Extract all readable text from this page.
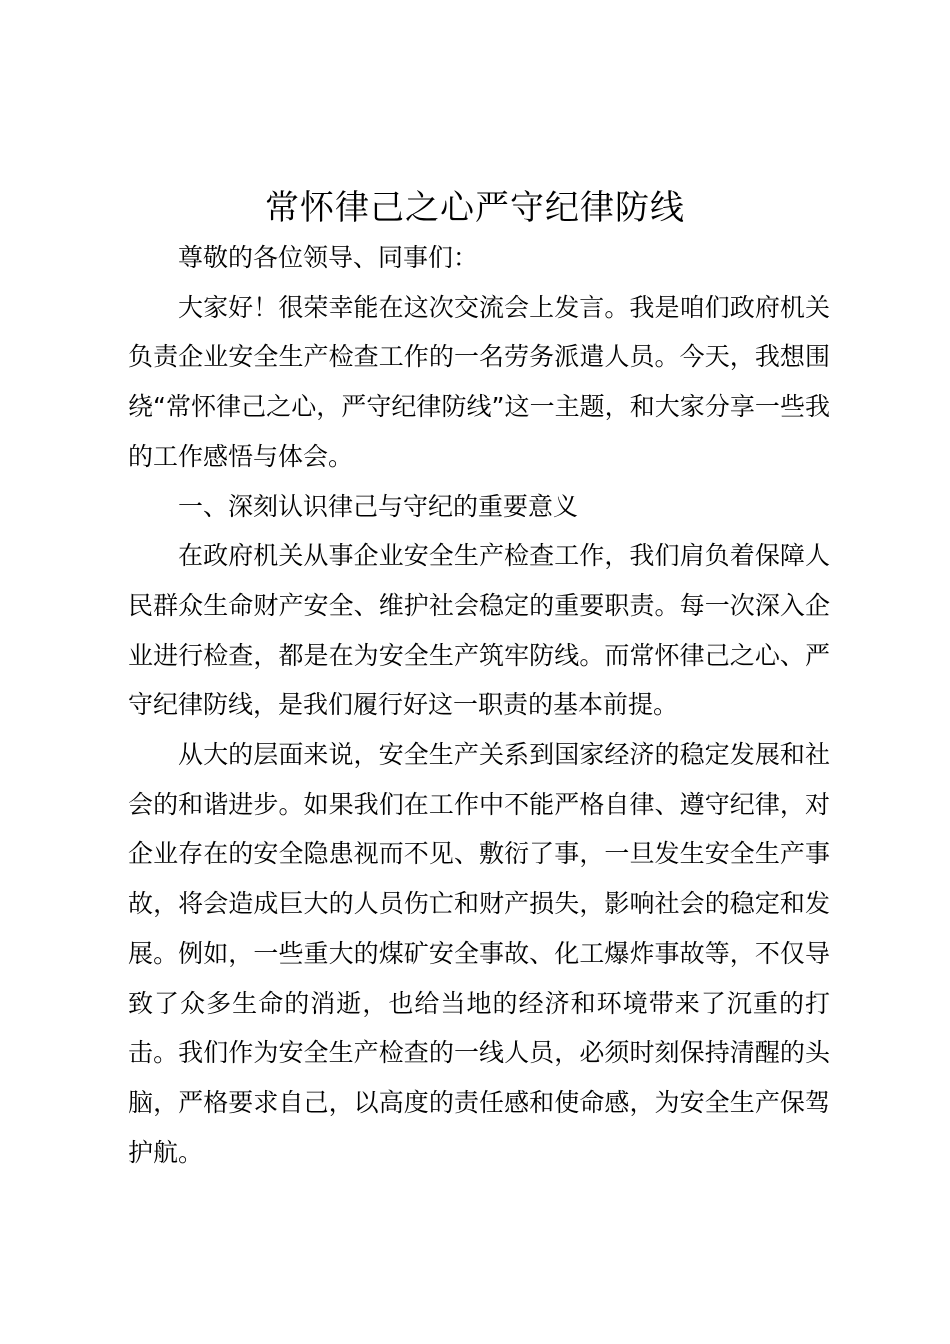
常怀律己之心严守纪律防线

尊敬的各位领导、同事们：

大家好！很荣幸能在这次交流会上发言。我是咱们政府机关负责企业安全生产检查工作的一名劳务派遣人员。今天，我想围绕“常怀律己之心，严守纪律防线”这一主题，和大家分享一些我的工作感悟与体会。

一、深刻认识律己与守纪的重要意义

在政府机关从事企业安全生产检查工作，我们肩负着保障人民群众生命财产安全、维护社会稳定的重要职责。每一次深入企业进行检查，都是在为安全生产筑牢防线。而常怀律己之心、严守纪律防线，是我们履行好这一职责的基本前提。

从大的层面来说，安全生产关系到国家经济的稳定发展和社会的和谐进步。如果我们在工作中不能严格自律、遵守纪律，对企业存在的安全隐患视而不见、敷衍了事，一旦发生安全生产事故，将会造成巨大的人员伤亡和财产损失，影响社会的稳定和发展。例如，一些重大的煤矿安全事故、化工爆炸事故等，不仅导致了众多生命的消逝，也给当地的经济和环境带来了沉重的打击。我们作为安全生产检查的一线人员，必须时刻保持清醒的头脑，严格要求自己，以高度的责任感和使命感，为安全生产保驾护航。
